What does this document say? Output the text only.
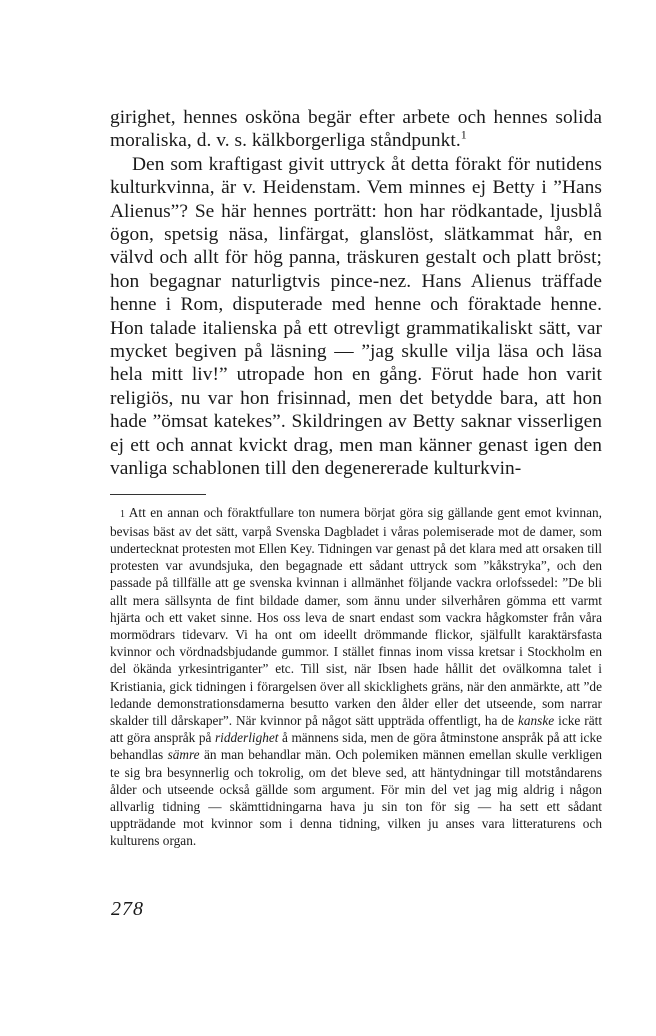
girighet, hennes osköna begär efter arbete och hennes solida moraliska, d. v. s. kälkborgerliga ståndpunkt.$^1$

Den som kraftigast givit uttryck åt detta förakt för nutidens kulturkvinna, är v. Heidenstam. Vem minnes ej Betty i ”Hans Alienus”? Se här hennes porträtt: hon har rödkantade, ljusblå ögon, spetsig näsa, linfärgat, glanslöst, slätkammat hår, en välvd och allt för hög panna, träskuren gestalt och platt bröst; hon begagnar naturligtvis pince-nez. Hans Alienus träffade henne i Rom, disputerade med henne och föraktade henne. Hon talade italienska på ett otrevligt grammatikaliskt sätt, var mycket begiven på läsning — ”jag skulle vilja läsa och läsa hela mitt liv!” utropade hon en gång. Förut hade hon varit religiös, nu var hon frisinnad, men det betydde bara, att hon hade ”ömsat katekes”. Skildringen av Betty saknar visserligen ej ett och annat kvickt drag, men man känner genast igen den vanliga schablonen till den degenererade kulturkvin-

1 Att en annan och föraktfullare ton numera börjat göra sig gällande gent emot kvinnan, bevisas bäst av det sätt, varpå Svenska Dagbladet i våras polemiserade mot de damer, som undertecknat protesten mot Ellen Key. Tidningen var genast på det klara med att orsaken till protesten var avundsjuka, den begagnade ett sådant uttryck som ”kåkstryka”, och den passade på tillfälle att ge svenska kvinnan i allmänhet följande vackra orlofssedel: ”De bli allt mera sällsynta de fint bildade damer, som ännu under silverhåren gömma ett varmt hjärta och ett vaket sinne. Hos oss leva de snart endast som vackra hågkomster från våra mormödrars tidevarv. Vi ha ont om ideellt drömmande flickor, själfullt karaktärsfasta kvinnor och vördnadsbjudande gummor. I stället finnas inom vissa kretsar i Stockholm en del ökända yrkesintriganter” etc. Till sist, när Ibsen hade hållit det ovälkomna talet i Kristiania, gick tidningen i förargelsen över all skicklighets gräns, när den anmärkte, att ”de ledande demonstrationsdamerna besutto varken den ålder eller det utseende, som narrar skalder till dårskaper”. När kvinnor på något sätt uppträda offentligt, ha de kanske icke rätt att göra anspråk på ridderlighet å männens sida, men de göra åtminstone anspråk på att icke behandlas sämre än man behandlar män. Och polemiken männen emellan skulle verkligen te sig bra besynnerlig och tokrolig, om det bleve sed, att häntydningar till motståndarens ålder och utseende också gällde som argument. För min del vet jag mig aldrig i någon allvarlig tidning — skämttidningarna hava ju sin ton för sig — ha sett ett sådant uppträdande mot kvinnor som i denna tidning, vilken ju anses vara litteraturens och kulturens organ.

278
